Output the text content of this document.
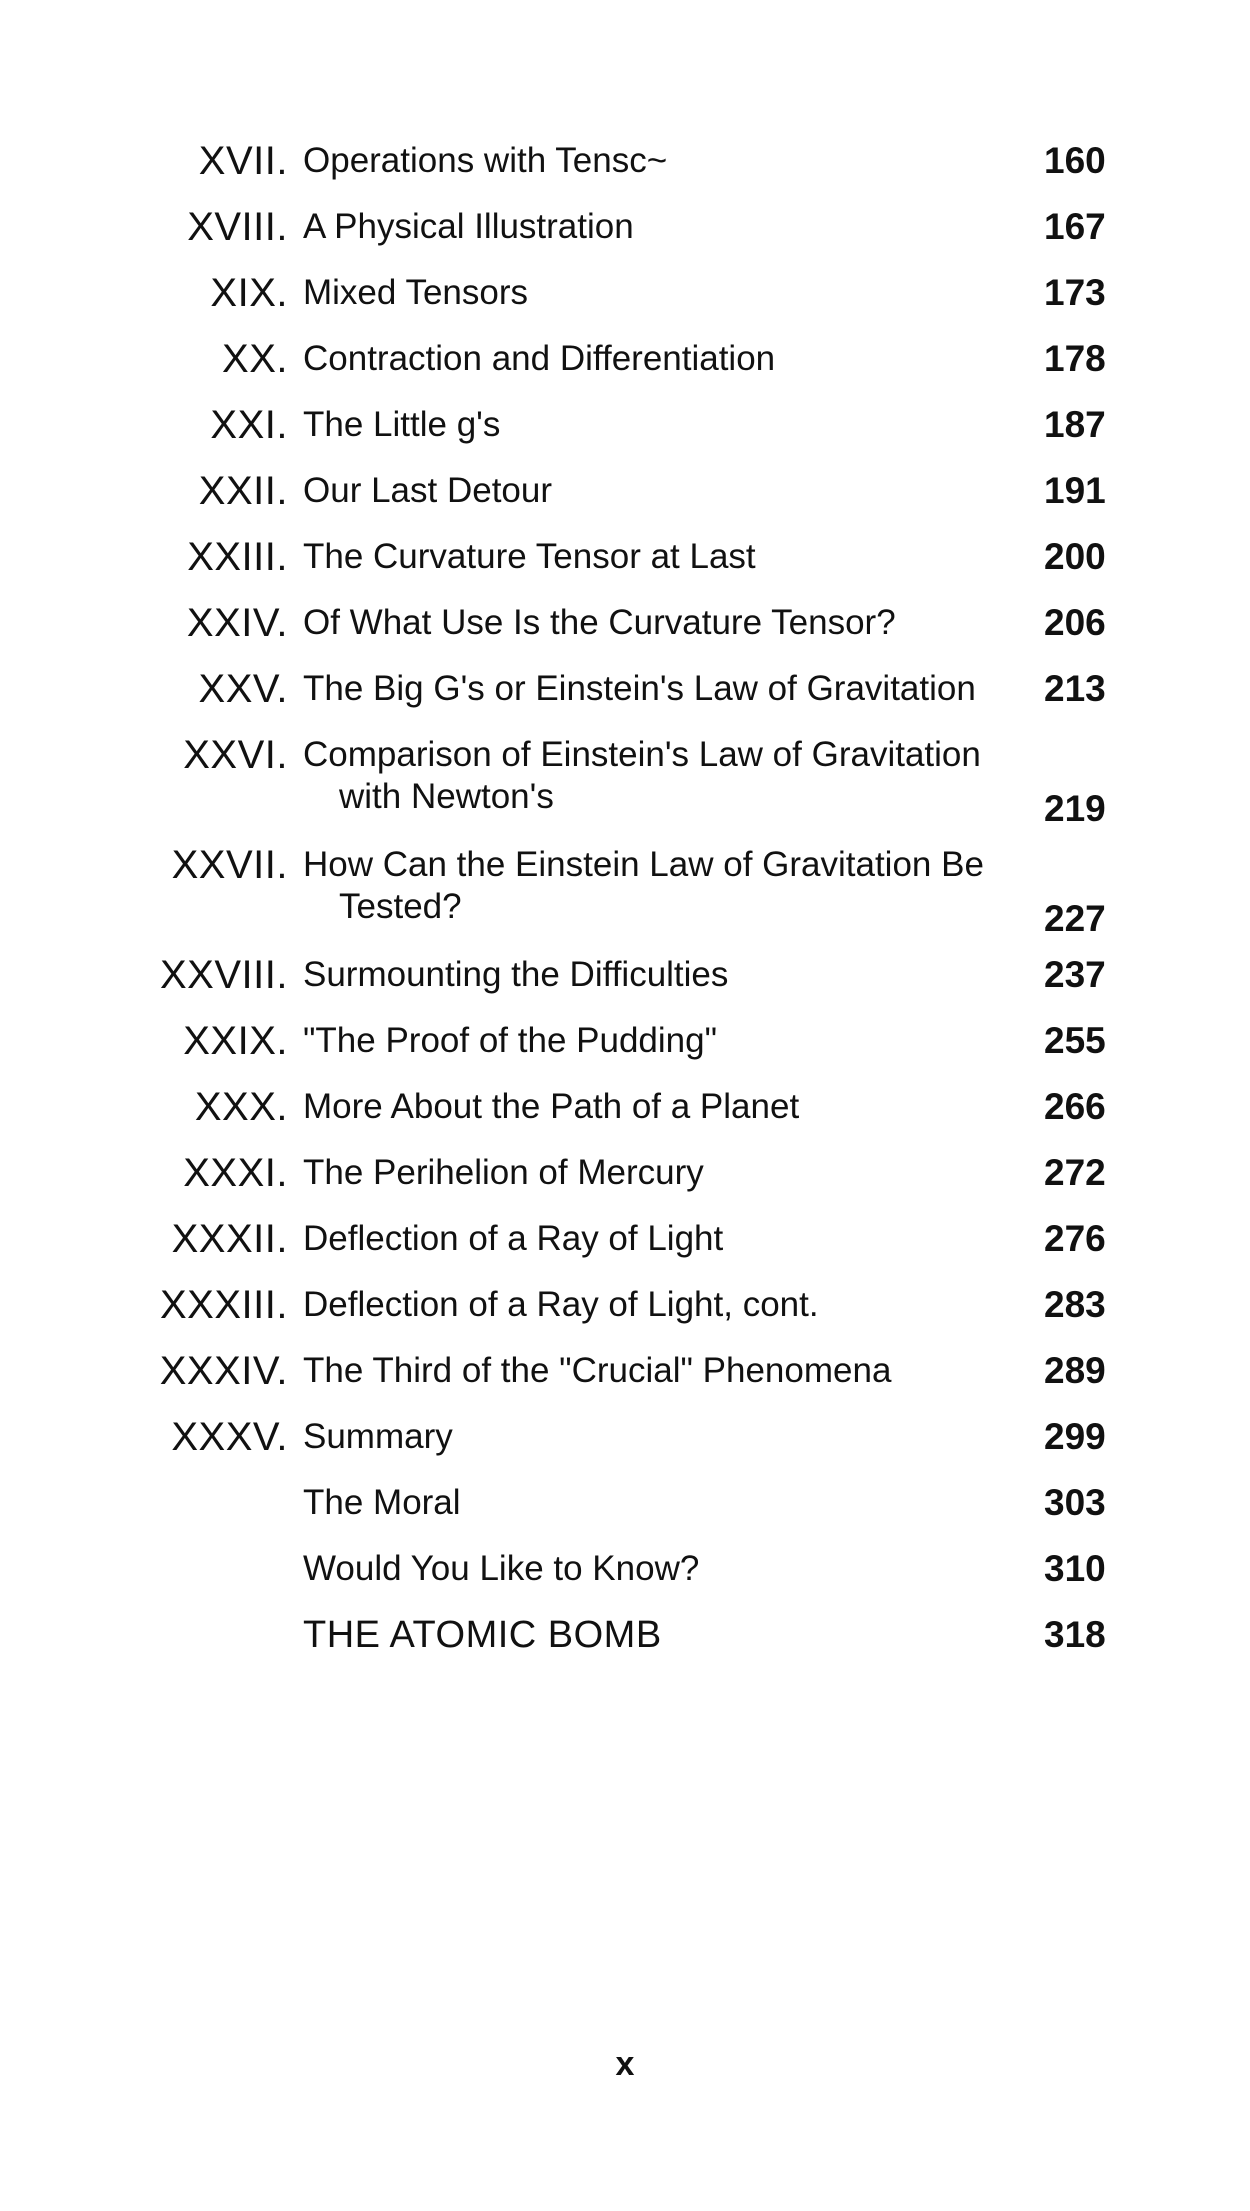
XVII. Operations with Tensc~	160
XVIII. A Physical Illustration	167
XIX. Mixed Tensors	173
XX. Contraction and Differentiation	178
XXI. The Little g's	187
XXII. Our Last Detour	191
XXIII. The Curvature Tensor at Last	200
XXIV. Of What Use Is the Curvature Tensor?	206
XXV. The Big G's or Einstein's Law of Gravitation	213
XXVI. Comparison of Einstein's Law of Gravitation
with Newton's	219
XXVII. How Can the Einstein Law of Gravitation Be
Tested?	227
XXVIII. Surmounting the Difficulties	237
XXIX. "The Proof of the Pudding"	255
XXX. More About the Path of a Planet	266
XXXI. The Perihelion of Mercury	272
XXXII. Deflection of a Ray of Light	276
XXXIII. Deflection of a Ray of Light, cont.	283
XXXIV. The Third of the "Crucial" Phenomena	289
XXXV. Summary	299
The Moral	303
Would You Like to Know?	310
THE ATOMIC BOMB	318
x
